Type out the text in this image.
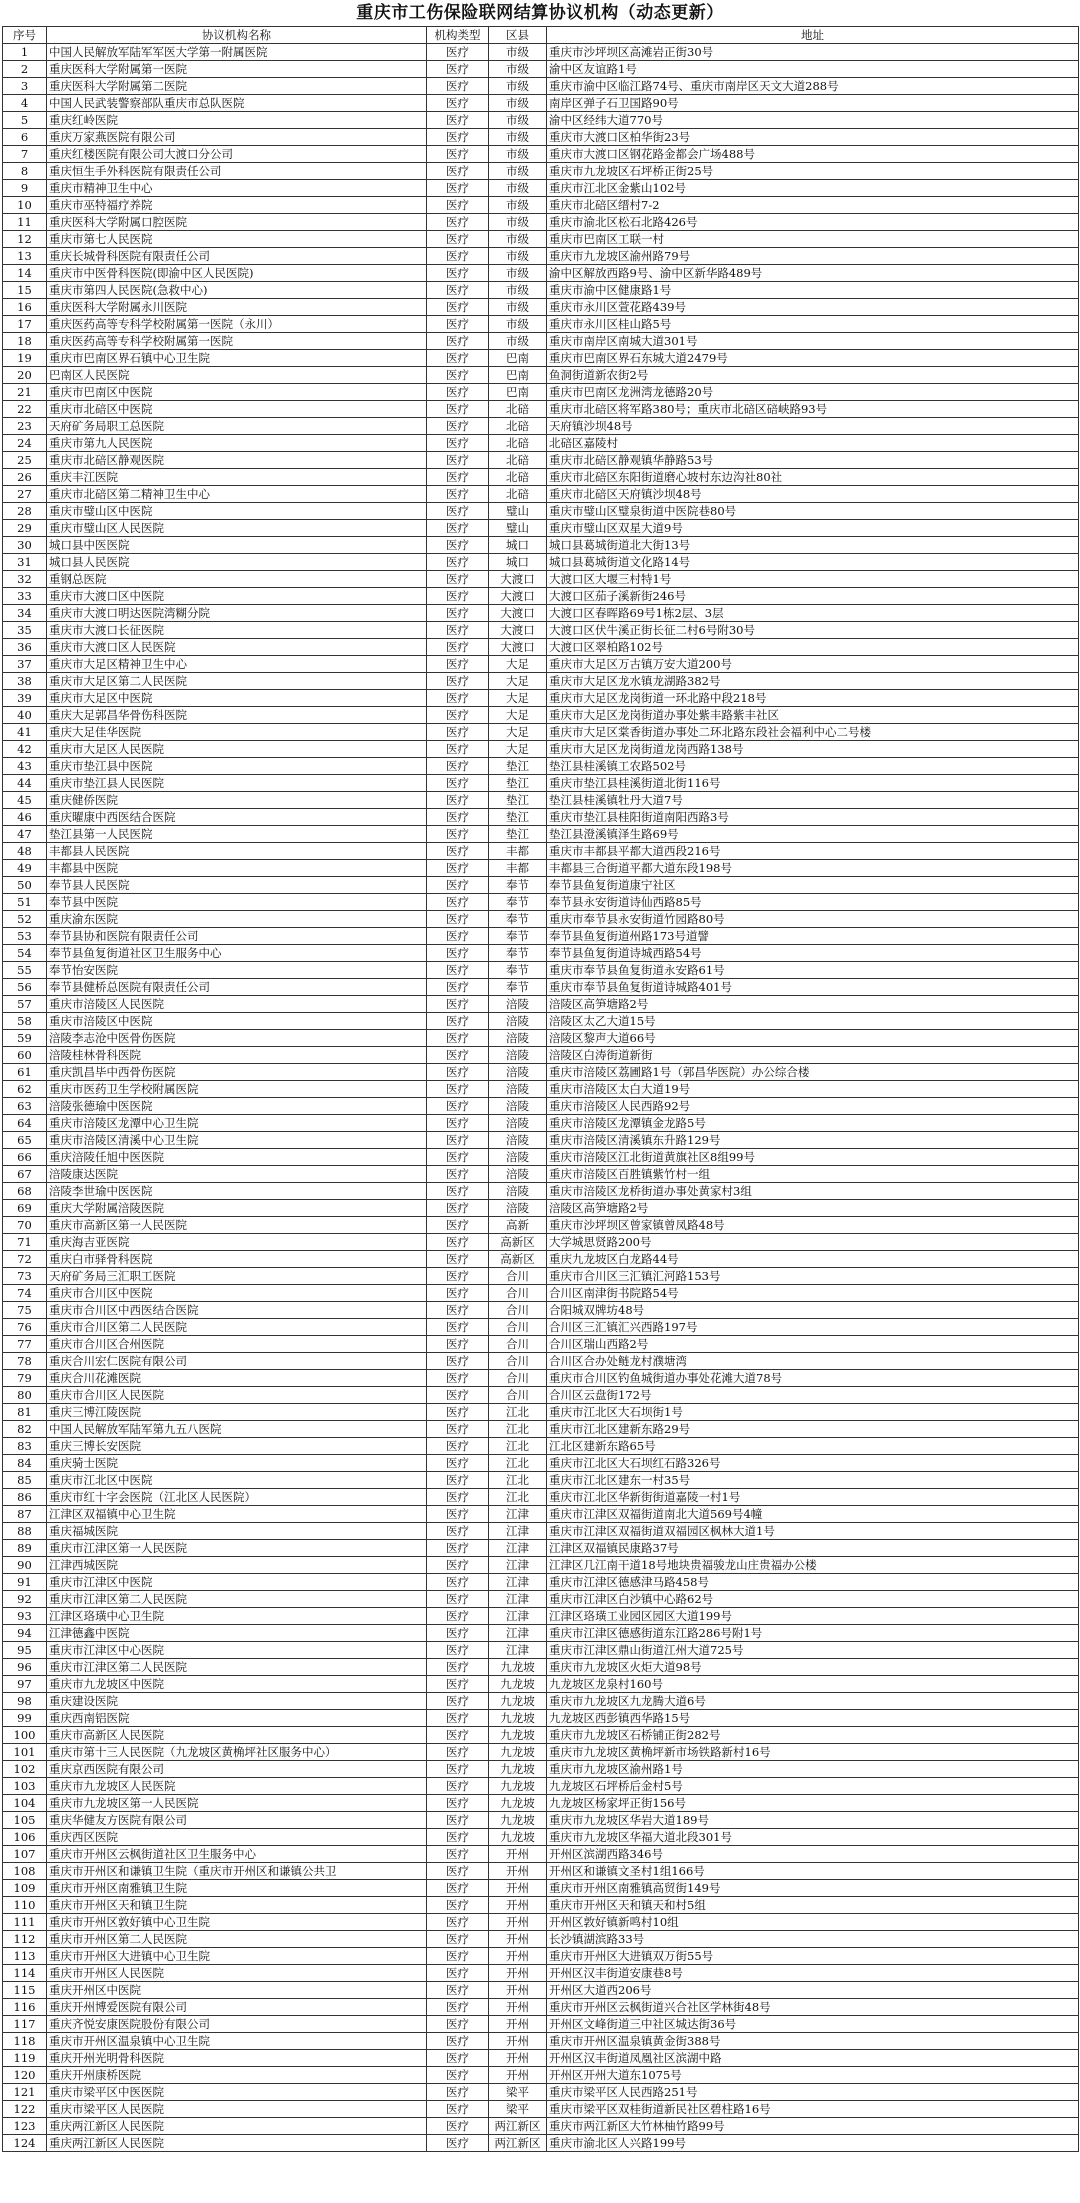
重庆市工伤保险联网结算协议机构（动态更新）
序号	协议机构名称	机构类型	区县	地址
1	中国人民解放军陆军军医大学第一附属医院	医疗	市级	重庆市沙坪坝区高滩岩正街30号
2	重庆医科大学附属第一医院	医疗	市级	渝中区友谊路1号
3	重庆医科大学附属第二医院	医疗	市级	重庆市渝中区临江路74号、重庆市南岸区天文大道288号
4	中国人民武装警察部队重庆市总队医院	医疗	市级	南岸区弹子石卫国路90号
5	重庆红岭医院	医疗	市级	渝中区经纬大道770号
6	重庆万家燕医院有限公司	医疗	市级	重庆市大渡口区柏华街23号
7	重庆红楼医院有限公司大渡口分公司	医疗	市级	重庆市大渡口区钢花路金都会广场488号
8	重庆恒生手外科医院有限责任公司	医疗	市级	重庆市九龙坡区石坪桥正街25号
9	重庆市精神卫生中心	医疗	市级	重庆市江北区金紫山102号
10	重庆市巫特福疗养院	医疗	市级	重庆市北碚区缙村7-2
11	重庆医科大学附属口腔医院	医疗	市级	重庆市渝北区松石北路426号
12	重庆市第七人民医院	医疗	市级	重庆市巴南区工联一村
13	重庆长城骨科医院有限责任公司	医疗	市级	重庆市九龙坡区渝州路79号
14	重庆市中医骨科医院(即渝中区人民医院)	医疗	市级	渝中区解放西路9号、渝中区新华路489号
15	重庆市第四人民医院(急救中心)	医疗	市级	重庆市渝中区健康路1号
16	重庆医科大学附属永川医院	医疗	市级	重庆市永川区萱花路439号
17	重庆医药高等专科学校附属第一医院（永川）	医疗	市级	重庆市永川区桂山路5号
18	重庆医药高等专科学校附属第一医院	医疗	市级	重庆市南岸区南城大道301号
19	重庆市巴南区界石镇中心卫生院	医疗	巴南	重庆市巴南区界石东城大道2479号
20	巴南区人民医院	医疗	巴南	鱼洞街道新农街2号
21	重庆市巴南区中医院	医疗	巴南	重庆市巴南区龙洲湾龙德路20号
22	重庆市北碚区中医院	医疗	北碚	重庆市北碚区将军路380号；重庆市北碚区碚峡路93号
23	天府矿务局职工总医院	医疗	北碚	天府镇沙坝48号
24	重庆市第九人民医院	医疗	北碚	北碚区嘉陵村
25	重庆市北碚区静观医院	医疗	北碚	重庆市北碚区静观镇华静路53号
26	重庆丰江医院	医疗	北碚	重庆市北碚区东阳街道磨心坡村东边沟社80社
27	重庆市北碚区第二精神卫生中心	医疗	北碚	重庆市北碚区天府镇沙坝48号
28	重庆市璧山区中医院	医疗	璧山	重庆市璧山区璧泉街道中医院巷80号
29	重庆市璧山区人民医院	医疗	璧山	重庆市璧山区双星大道9号
30	城口县中医医院	医疗	城口	城口县葛城街道北大街13号
31	城口县人民医院	医疗	城口	城口县葛城街道文化路14号
32	重钢总医院	医疗	大渡口	大渡口区大堰三村特1号
33	重庆市大渡口区中医院	医疗	大渡口	大渡口区茄子溪新街246号
34	重庆市大渡口明达医院湾糊分院	医疗	大渡口	大渡口区春晖路69号1栋2层、3层
35	重庆市大渡口长征医院	医疗	大渡口	大渡口区伏牛溪正街长征二村6号附30号
36	重庆市大渡口区人民医院	医疗	大渡口	大渡口区翠柏路102号
37	重庆市大足区精神卫生中心	医疗	大足	重庆市大足区万古镇万安大道200号
38	重庆市大足区第二人民医院	医疗	大足	重庆市大足区龙水镇龙湖路382号
39	重庆市大足区中医院	医疗	大足	重庆市大足区龙岗街道一环北路中段218号
40	重庆大足郭昌华骨伤科医院	医疗	大足	重庆市大足区龙岗街道办事处紫丰路紫丰社区
41	重庆大足佳华医院	医疗	大足	重庆市大足区棠香街道办事处二环北路东段社会福利中心二号楼
42	重庆市大足区人民医院	医疗	大足	重庆市大足区龙岗街道龙岗西路138号
43	重庆市垫江县中医院	医疗	垫江	垫江县桂溪镇工农路502号
44	重庆市垫江县人民医院	医疗	垫江	重庆市垫江县桂溪街道北街116号
45	重庆健侨医院	医疗	垫江	垫江县桂溪镇牡丹大道7号
46	重庆曜康中西医结合医院	医疗	垫江	重庆市垫江县桂阳街道南阳西路3号
47	垫江县第一人民医院	医疗	垫江	垫江县澄溪镇泽生路69号
48	丰都县人民医院	医疗	丰都	重庆市丰都县平都大道西段216号
49	丰都县中医院	医疗	丰都	丰都县三合街道平都大道东段198号
50	奉节县人民医院	医疗	奉节	奉节县鱼复街道康宁社区
51	奉节县中医院	医疗	奉节	奉节县永安街道诗仙西路85号
52	重庆渝东医院	医疗	奉节	重庆市奉节县永安街道竹园路80号
53	奉节县协和医院有限责任公司	医疗	奉节	奉节县鱼复街道州路173号道譬
54	奉节县鱼复街道社区卫生服务中心	医疗	奉节	奉节县鱼复街道诗城西路54号
55	奉节怡安医院	医疗	奉节	重庆市奉节县鱼复街道永安路61号
56	奉节县健桥总医院有限责任公司	医疗	奉节	重庆市奉节县鱼复街道诗城路401号
57	重庆市涪陵区人民医院	医疗	涪陵	涪陵区高笋塘路2号
58	重庆市涪陵区中医院	医疗	涪陵	涪陵区太乙大道15号
59	涪陵李志沧中医骨伤医院	医疗	涪陵	涪陵区黎声大道66号
60	涪陵桂林骨科医院	医疗	涪陵	涪陵区白涛街道新街
61	重庆凯昌毕中西骨伤医院	医疗	涪陵	重庆市涪陵区荔圃路1号（郭昌华医院）办公综合楼
62	重庆市医药卫生学校附属医院	医疗	涪陵	重庆市涪陵区太白大道19号
63	涪陵张德瑜中医医院	医疗	涪陵	重庆市涪陵区人民西路92号
64	重庆市涪陵区龙潭中心卫生院	医疗	涪陵	重庆市涪陵区龙潭镇金龙路5号
65	重庆市涪陵区清溪中心卫生院	医疗	涪陵	重庆市涪陵区清溪镇东升路129号
66	重庆涪陵任旭中医医院	医疗	涪陵	重庆市涪陵区江北街道黄旗社区8组99号
67	涪陵康达医院	医疗	涪陵	重庆市涪陵区百胜镇紫竹村一组
68	涪陵李世瑜中医医院	医疗	涪陵	重庆市涪陵区龙桥街道办事处黄家村3组
69	重庆大学附属涪陵医院	医疗	涪陵	涪陵区高笋塘路2号
70	重庆市高新区第一人民医院	医疗	高新	重庆市沙坪坝区曾家镇曾凤路48号
71	重庆海吉亚医院	医疗	高新区	大学城思贤路200号
72	重庆白市驿骨科医院	医疗	高新区	重庆九龙坡区白龙路44号
73	天府矿务局三汇职工医院	医疗	合川	重庆市合川区三汇镇汇河路153号
74	重庆市合川区中医院	医疗	合川	合川区南津街书院路54号
75	重庆市合川区中西医结合医院	医疗	合川	合阳城双牌坊48号
76	重庆市合川区第二人民医院	医疗	合川	合川区三汇镇汇兴西路197号
77	重庆市合川区合州医院	医疗	合川	合川区瑞山西路2号
78	重庆合川宏仁医院有限公司	医疗	合川	合川区合办处鲢龙村濮塘湾
79	重庆合川花滩医院	医疗	合川	重庆市合川区钓鱼城街道办事处花滩大道78号
80	重庆市合川区人民医院	医疗	合川	合川区云盘街172号
81	重庆三博江陵医院	医疗	江北	重庆市江北区大石坝街1号
82	中国人民解放军陆军第九五八医院	医疗	江北	重庆市江北区建新东路29号
83	重庆三博长安医院	医疗	江北	江北区建新东路65号
84	重庆骑士医院	医疗	江北	重庆市江北区大石坝红石路326号
85	重庆市江北区中医院	医疗	江北	重庆市江北区建东一村35号
86	重庆市红十字会医院（江北区人民医院）	医疗	江北	重庆市江北区华新街街道嘉陵一村1号
87	江津区双福镇中心卫生院	医疗	江津	重庆市江津区双福街道南北大道569号4幢
88	重庆福城医院	医疗	江津	重庆市江津区双福街道双福园区枫林大道1号
89	重庆市江津区第一人民医院	医疗	江津	江津区双福镇民康路37号
90	江津西城医院	医疗	江津	江津区几江南干道18号地块贵福骏龙山庄贵福办公楼
91	重庆市江津区中医院	医疗	江津	重庆市江津区德感津马路458号
92	重庆市江津区第二人民医院	医疗	江津	重庆市江津区白沙镇中心路62号
93	江津区珞璜中心卫生院	医疗	江津	江津区珞璜工业园区园区大道199号
94	江津德鑫中医院	医疗	江津	重庆市江津区德感街道东江路286号附1号
95	重庆市江津区中心医院	医疗	江津	重庆市江津区鼎山街道江州大道725号
96	重庆市江津区第二人民医院	医疗	九龙坡	重庆市九龙坡区火炬大道98号
97	重庆市九龙坡区中医院	医疗	九龙坡	九龙坡区龙泉村160号
98	重庆建设医院	医疗	九龙坡	重庆市九龙坡区九龙腾大道6号
99	重庆西南铝医院	医疗	九龙坡	九龙坡区西彭镇西华路15号
100	重庆市高新区人民医院	医疗	九龙坡	重庆市九龙坡区石桥铺正街282号
101	重庆市第十三人民医院（九龙坡区黄桷坪社区服务中心）	医疗	九龙坡	重庆市九龙坡区黄桷坪新市场铁路新村16号
102	重庆京西医院有限公司	医疗	九龙坡	重庆市九龙坡区渝州路1号
103	重庆市九龙坡区人民医院	医疗	九龙坡	九龙坡区石坪桥后金村5号
104	重庆市九龙坡区第一人民医院	医疗	九龙坡	九龙坡区杨家坪正街156号
105	重庆华健友方医院有限公司	医疗	九龙坡	重庆市九龙坡区华岩大道189号
106	重庆西区医院	医疗	九龙坡	重庆市九龙坡区华福大道北段301号
107	重庆市开州区云枫街道社区卫生服务中心	医疗	开州	开州区滨湖西路346号
108	重庆市开州区和谦镇卫生院（重庆市开州区和谦镇公共卫	医疗	开州	开州区和谦镇文圣村1组166号
109	重庆市开州区南雅镇卫生院	医疗	开州	重庆市开州区南雅镇高贸街149号
110	重庆市开州区天和镇卫生院	医疗	开州	重庆市开州区天和镇天和村5组
111	重庆市开州区敦好镇中心卫生院	医疗	开州	开州区敦好镇新鸣村10组
112	重庆市开州区第二人民医院	医疗	开州	长沙镇湖滨路33号
113	重庆市开州区大进镇中心卫生院	医疗	开州	重庆市开州区大进镇双万街55号
114	重庆市开州区人民医院	医疗	开州	开州区汉丰街道安康巷8号
115	重庆开州区中医院	医疗	开州	开州区大道西206号
116	重庆开州博爱医院有限公司	医疗	开州	重庆市开州区云枫街道兴合社区学林街48号
117	重庆齐悦安康医院股份有限公司	医疗	开州	开州区文峰街道三中社区城达街36号
118	重庆市开州区温泉镇中心卫生院	医疗	开州	重庆市开州区温泉镇黄金街388号
119	重庆开州光明骨科医院	医疗	开州	开州区汉丰街道凤凰社区滨湖中路
120	重庆开州康桥医院	医疗	开州	开州区开州大道东1075号
121	重庆市梁平区中医医院	医疗	梁平	重庆市梁平区人民西路251号
122	重庆市梁平区人民医院	医疗	梁平	重庆市梁平区双桂街道新民社区碧柱路16号
123	重庆两江新区人民医院	医疗	两江新区	重庆市两江新区大竹林柚竹路99号
124	重庆两江新区人民医院	医疗	两江新区	重庆市渝北区人兴路199号
